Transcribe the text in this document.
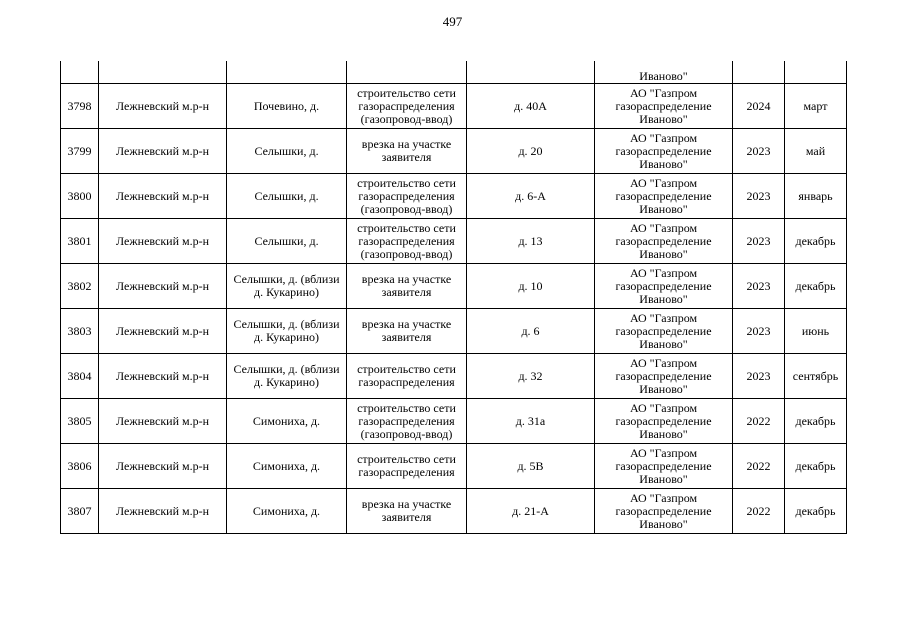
497
					Иваново"		
3798	Лежневский м.р-н	Почевино, д.	строительство сети газораспределения (газопровод-ввод)	д. 40А	АО "Газпром газораспределение Иваново"	2024	март
3799	Лежневский м.р-н	Селышки, д.	врезка на участке заявителя	д. 20	АО "Газпром газораспределение Иваново"	2023	май
3800	Лежневский м.р-н	Селышки, д.	строительство сети газораспределения (газопровод-ввод)	д. 6-А	АО "Газпром газораспределение Иваново"	2023	январь
3801	Лежневский м.р-н	Селышки, д.	строительство сети газораспределения (газопровод-ввод)	д. 13	АО "Газпром газораспределение Иваново"	2023	декабрь
3802	Лежневский м.р-н	Селышки, д. (вблизи д. Кукарино)	врезка на участке заявителя	д. 10	АО "Газпром газораспределение Иваново"	2023	декабрь
3803	Лежневский м.р-н	Селышки, д. (вблизи д. Кукарино)	врезка на участке заявителя	д. 6	АО "Газпром газораспределение Иваново"	2023	июнь
3804	Лежневский м.р-н	Селышки, д. (вблизи д. Кукарино)	строительство сети газораспределения	д. 32	АО "Газпром газораспределение Иваново"	2023	сентябрь
3805	Лежневский м.р-н	Симониха, д.	строительство сети газораспределения (газопровод-ввод)	д. 31а	АО "Газпром газораспределение Иваново"	2022	декабрь
3806	Лежневский м.р-н	Симониха, д.	строительство сети газораспределения	д. 5В	АО "Газпром газораспределение Иваново"	2022	декабрь
3807	Лежневский м.р-н	Симониха, д.	врезка на участке заявителя	д. 21-А	АО "Газпром газораспределение Иваново"	2022	декабрь
